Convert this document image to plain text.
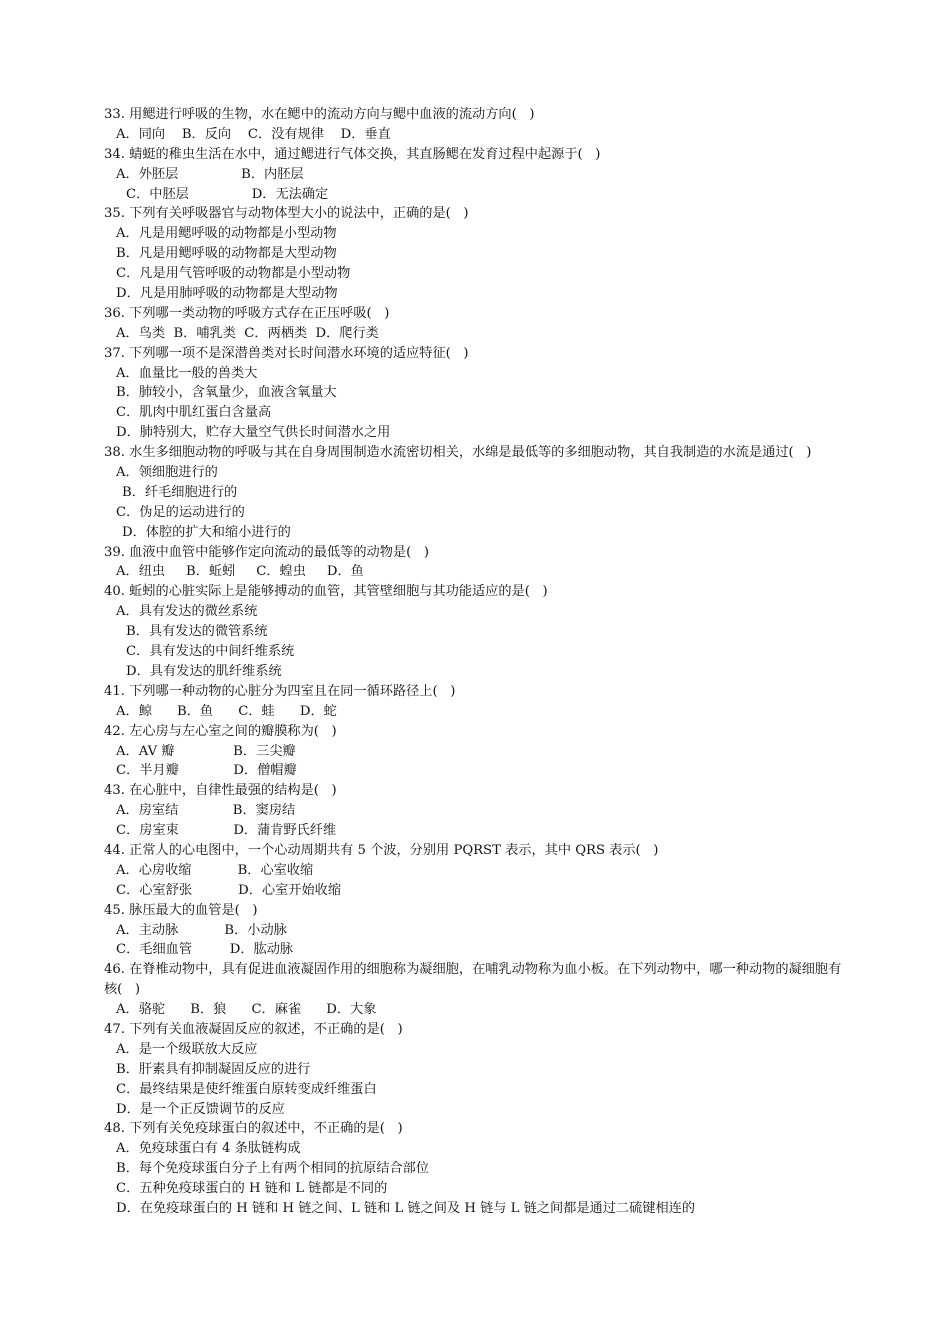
33. 用鳃进行呼吸的生物，水在鳃中的流动方向与鳃中血液的流动方向(   )
A．同向    B．反向    C．没有规律    D．垂直
34. 蜻蜓的稚虫生活在水中，通过鳃进行气体交换，其直肠鳃在发育过程中起源于(   )
A．外胚层               B．内胚层
C．中胚层               D．无法确定
35. 下列有关呼吸器官与动物体型大小的说法中，正确的是(   )
A．凡是用鳃呼吸的动物都是小型动物
B．凡是用鳃呼吸的动物都是大型动物
C．凡是用气管呼吸的动物都是小型动物
D．凡是用肺呼吸的动物都是大型动物
36. 下列哪一类动物的呼吸方式存在正压呼吸(   )
A．鸟类  B．哺乳类  C．两栖类  D．爬行类
37. 下列哪一项不是深潜兽类对长时间潜水环境的适应特征(   )
A．血量比一般的兽类大
B．肺较小，含氧量少，血液含氧量大
C．肌肉中肌红蛋白含量高
D．肺特别大，贮存大量空气供长时间潜水之用
38. 水生多细胞动物的呼吸与其在自身周围制造水流密切相关，水绵是最低等的多细胞动物，其自我制造的水流是通过(   )
A．领细胞进行的
B．纤毛细胞进行的
C．伪足的运动进行的
D．体腔的扩大和缩小进行的
39. 血液中血管中能够作定向流动的最低等的动物是(   )
A．纽虫     B．蚯蚓     C．蝗虫     D．鱼
40. 蚯蚓的心脏实际上是能够搏动的血管，其管壁细胞与其功能适应的是(   )
A．具有发达的微丝系统
B．具有发达的微管系统
C．具有发达的中间纤维系统
D．具有发达的肌纤维系统
41. 下列哪一种动物的心脏分为四室且在同一循环路径上(   )
A．鲸      B．鱼      C．蛙      D．蛇
42. 左心房与左心室之间的瓣膜称为(   )
A．AV 瓣              B．三尖瓣
C．半月瓣             D．僧帽瓣
43. 在心脏中，自律性最强的结构是(   )
A．房室结             B．窦房结
C．房室束             D．蒲肯野氏纤维
44. 正常人的心电图中，一个心动周期共有 5 个波，分别用 PQRST 表示，其中 QRS 表示(   )
A．心房收缩           B．心室收缩
C．心室舒张           D．心室开始收缩
45. 脉压最大的血管是(   )
A．主动脉           B．小动脉
C．毛细血管         D．肱动脉
46. 在脊椎动物中，具有促进血液凝固作用的细胞称为凝细胞，在哺乳动物称为血小板。在下列动物中，哪一种动物的凝细胞有
核(   )
A．骆驼      B．狼      C．麻雀      D．大象
47. 下列有关血液凝固反应的叙述，不正确的是(   )
A．是一个级联放大反应
B．肝素具有抑制凝固反应的进行
C．最终结果是使纤维蛋白原转变成纤维蛋白
D．是一个正反馈调节的反应
48. 下列有关免疫球蛋白的叙述中，不正确的是(   )
A．免疫球蛋白有 4 条肽链构成
B．每个免疫球蛋白分子上有两个相同的抗原结合部位
C．五种免疫球蛋白的 H 链和 L 链都是不同的
D．在免疫球蛋白的 H 链和 H 链之间、L 链和 L 链之间及 H 链与 L 链之间都是通过二硫键相连的
